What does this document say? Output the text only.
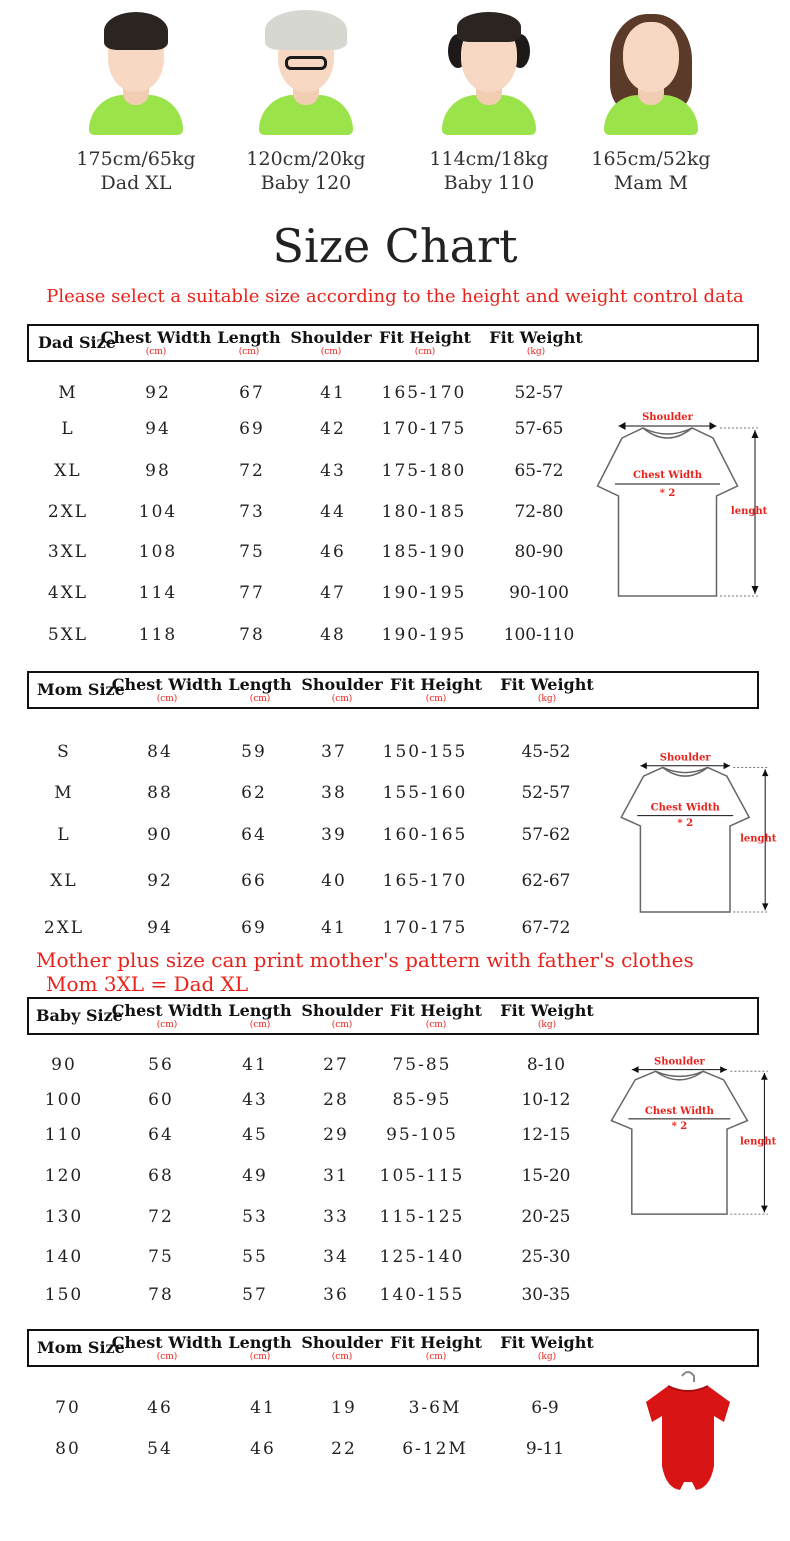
175cm/65kg
Dad XL
120cm/20kg
Baby 120
114cm/18kg
Baby 110
165cm/52kg
Mam M
Size Chart
Please select a suitable size according to the height and weight control data
Dad Size
Chest Width
(cm)
Length
(cm)
Shoulder
(cm)
Fit Height
(cm)
Fit Weight
(kg)
M	92	67	41 165-170	52-57
L	94	69	42 170-175	57-65
XL	98	72	43 175-180	65-72
2XL	104	73	44 180-185	72-80
3XL	108	75	46 185-190	80-90
4XL	114	77	47 190-195	90-100
5XL	118	78	48 190-195 100-110
Shoulder
Chest Width
* 2
lenght
Mom Size
Chest Width
(cm)
Length
(cm)
Shoulder
(cm)
Fit Height
(cm)
Fit Weight
(kg)
S	84	59	37 150-155	45-52
M	88	62	38 155-160	52-57
L	90	64	39 160-165	57-62
XL	92	66	40 165-170	62-67
2XL	94	69	41 170-175	67-72
Shoulder
Chest Width
* 2
lenght
Baby Size
Chest Width
(cm)
Length
(cm)
Shoulder
(cm)
Fit Height
(cm)
Fit Weight
(kg)
90	56	41	27	75-85	8-10
100	60	43	28	85-95	10-12
110	64	45	29 95-105	12-15
120	68	49	31 105-115	15-20
130	72	53	33 115-125	20-25
140	75	55	34 125-140	25-30
150	78	57	36 140-155	30-35
Shoulder
Chest Width
* 2
lenght
Mom Size
Chest Width
(cm)
Length
(cm)
Shoulder
(cm)
Fit Height
(cm)
Fit Weight
(kg)
70	46	41	19	3-6M	6-9
80	54	46	22	6-12M	9-11
Mother plus size can print mother's pattern with father's clothes
Mom 3XL = Dad XL
